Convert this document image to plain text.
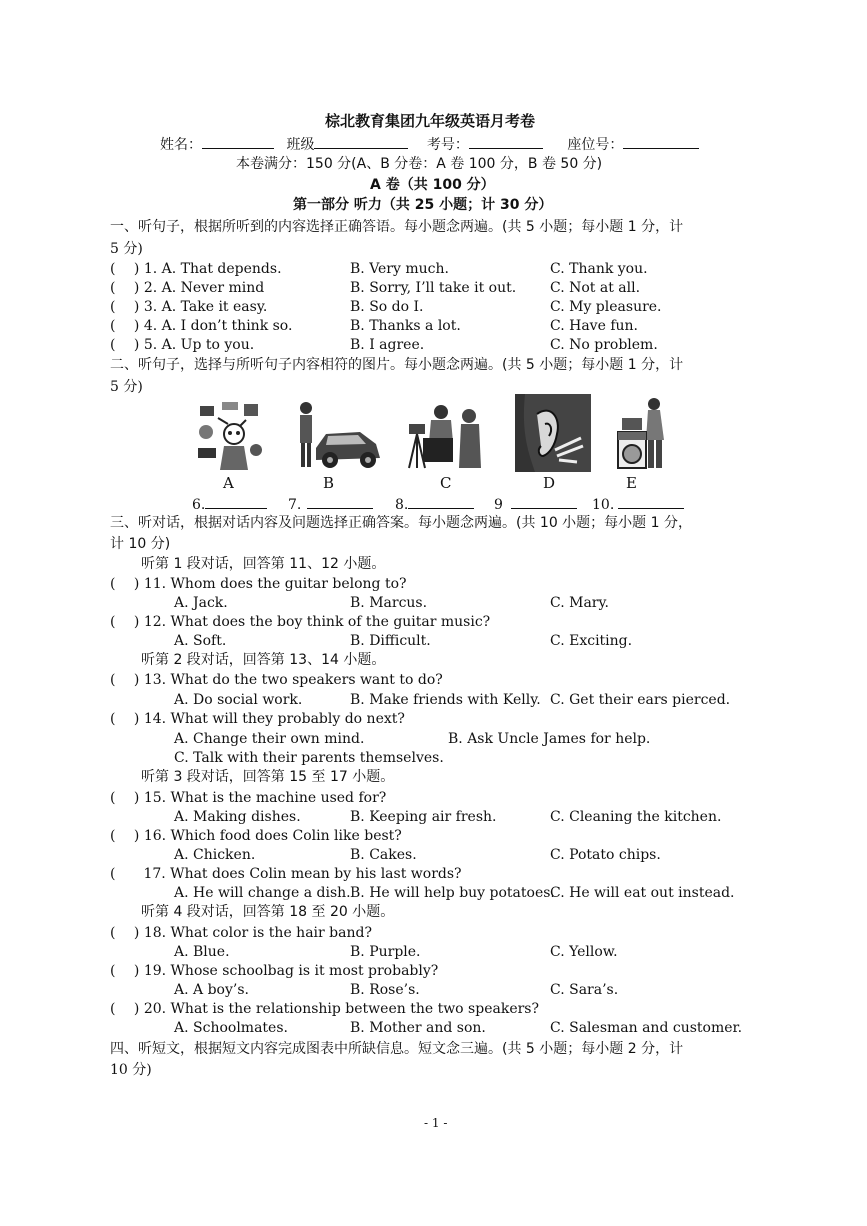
棕北教育集团九年级英语月考卷
姓名：	班级	考号：	座位号：
本卷满分：150 分(A、B 分卷：A 卷 100 分，B 卷 50 分)
A 卷（共 100 分）
第一部分 听力（共 25 小题；计 30 分）
一、听句子，根据所听到的内容选择正确答语。每小题念两遍。(共 5 小题；每小题 1 分，计
5 分)
(　 ) 1. A. That depends.	B. Very much.	C. Thank you.
(　 ) 2. A. Never mind	B. Sorry, I’ll take it out. C. Not at all.
(　 ) 3. A. Take it easy.	B. So do I.	C. My pleasure.
(　 ) 4. A. I don’t think so.	B. Thanks a lot.	C. Have fun.
(　 ) 5. A. Up to you.	B. I agree.	C. No problem.
二、听句子，选择与所听句子内容相符的图片。每小题念两遍。(共 5 小题；每小题 1 分，计
5 分)
A	B	C	D	E
6.	7.	8.	9	10.
三、听对话，根据对话内容及问题选择正确答案。每小题念两遍。(共 10 小题；每小题 1 分，
计 10 分)
听第 1 段对话，回答第 11、12 小题。
(　 ) 11. Whom does the guitar belong to?
A. Jack.	B. Marcus.	C. Mary.
(　 ) 12. What does the boy think of the guitar music?
A. Soft.	B. Difficult.	C. Exciting.
听第 2 段对话，回答第 13、14 小题。
(　 ) 13. What do the two speakers want to do?
A. Do social work.	B. Make friends with Kelly. C. Get their ears pierced.
(　 ) 14. What will they probably do next?
A. Change their own mind.	B. Ask Uncle James for help.
C. Talk with their parents themselves.
听第 3 段对话，回答第 15 至 17 小题。
(　 ) 15. What is the machine used for?
A. Making dishes.	B. Keeping air fresh.	C. Cleaning the kitchen.
(　 ) 16. Which food does Colin like best?
A. Chicken.	B. Cakes.	C. Potato chips.
(　　17. What does Colin mean by his last words?
A. He will change a dish. B. He will help buy potatoes.
C. He will eat out instead.
听第 4 段对话，回答第 18 至 20 小题。
(　 ) 18. What color is the hair band?
A. Blue.	B. Purple.	C. Yellow.
(　 ) 19. Whose schoolbag is it most probably?
A. A boy’s.	B. Rose’s.	C. Sara’s.
(　 ) 20. What is the relationship between the two speakers?
A. Schoolmates.	B. Mother and son.	C. Salesman and customer.
四、听短文，根据短文内容完成图表中所缺信息。短文念三遍。(共 5 小题；每小题 2 分，计
10 分)
- 1 -
